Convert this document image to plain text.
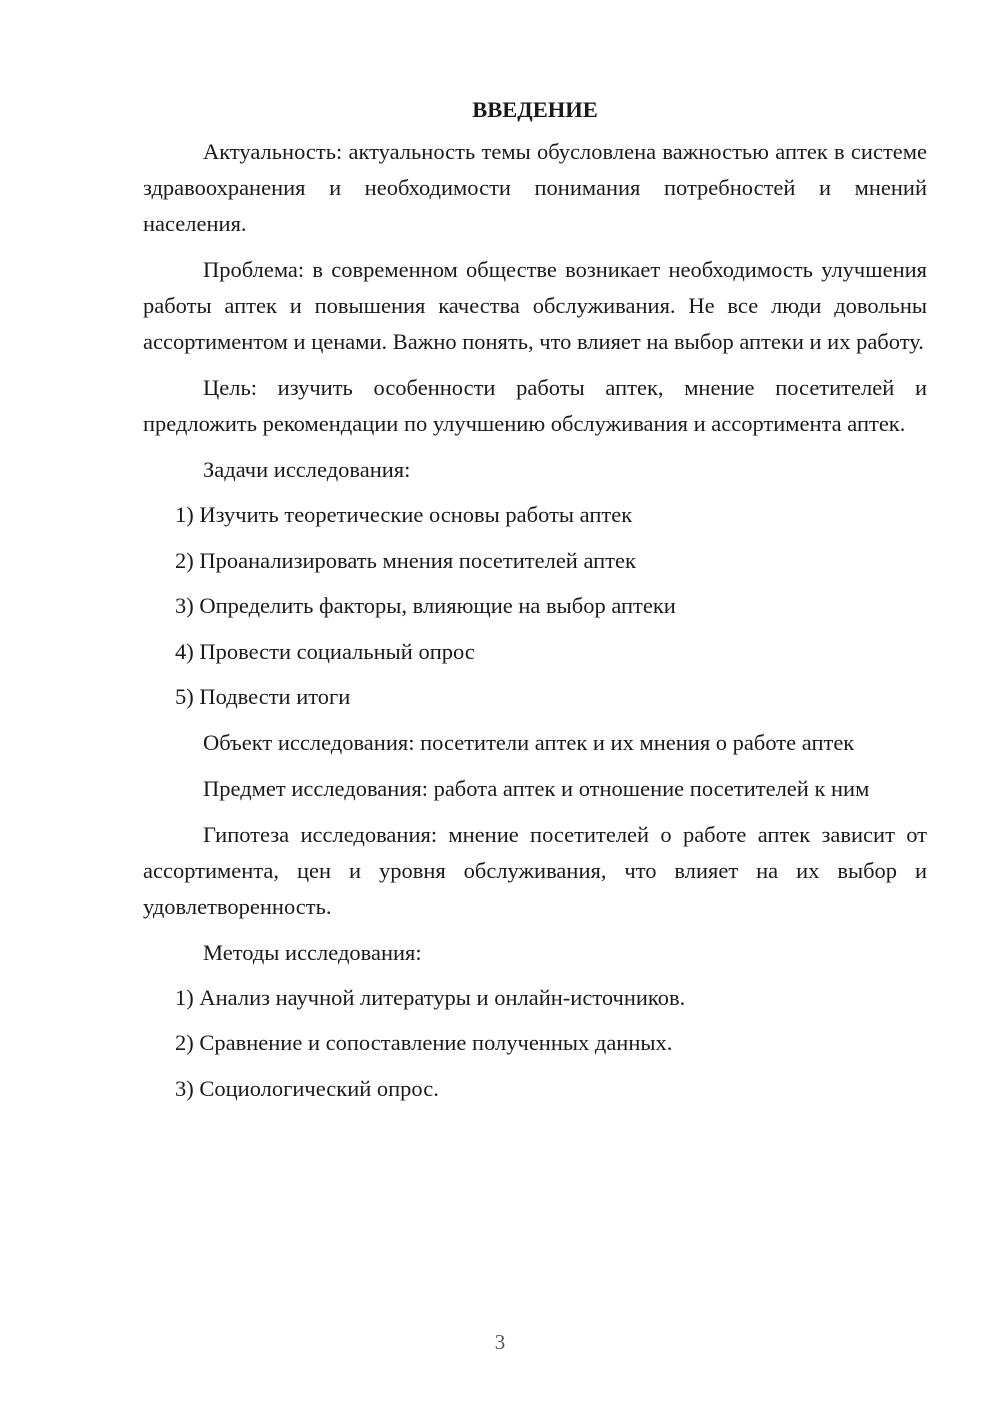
ВВЕДЕНИЕ

Актуальность: актуальность темы обусловлена важностью аптек в системе здравоохранения и необходимости понимания потребностей и мнений населения.

Проблема: в современном обществе возникает необходимость улучшения работы аптек и повышения качества обслуживания. Не все люди довольны ассортиментом и ценами. Важно понять, что влияет на выбор аптеки и их работу.

Цель: изучить особенности работы аптек, мнение посетителей и предложить рекомендации по улучшению обслуживания и ассортимента аптек.

Задачи исследования:

1) Изучить теоретические основы работы аптек

2) Проанализировать мнения посетителей аптек

3) Определить факторы, влияющие на выбор аптеки

4) Провести социальный опрос

5) Подвести итоги

Объект исследования: посетители аптек и их мнения о работе аптек

Предмет исследования: работа аптек и отношение посетителей к ним

Гипотеза исследования: мнение посетителей о работе аптек зависит от ассортимента, цен и уровня обслуживания, что влияет на их выбор и удовлетворенность.

Методы исследования:

1) Анализ научной литературы и онлайн-источников.

2) Сравнение и сопоставление полученных данных.

3) Социологический опрос.

3
